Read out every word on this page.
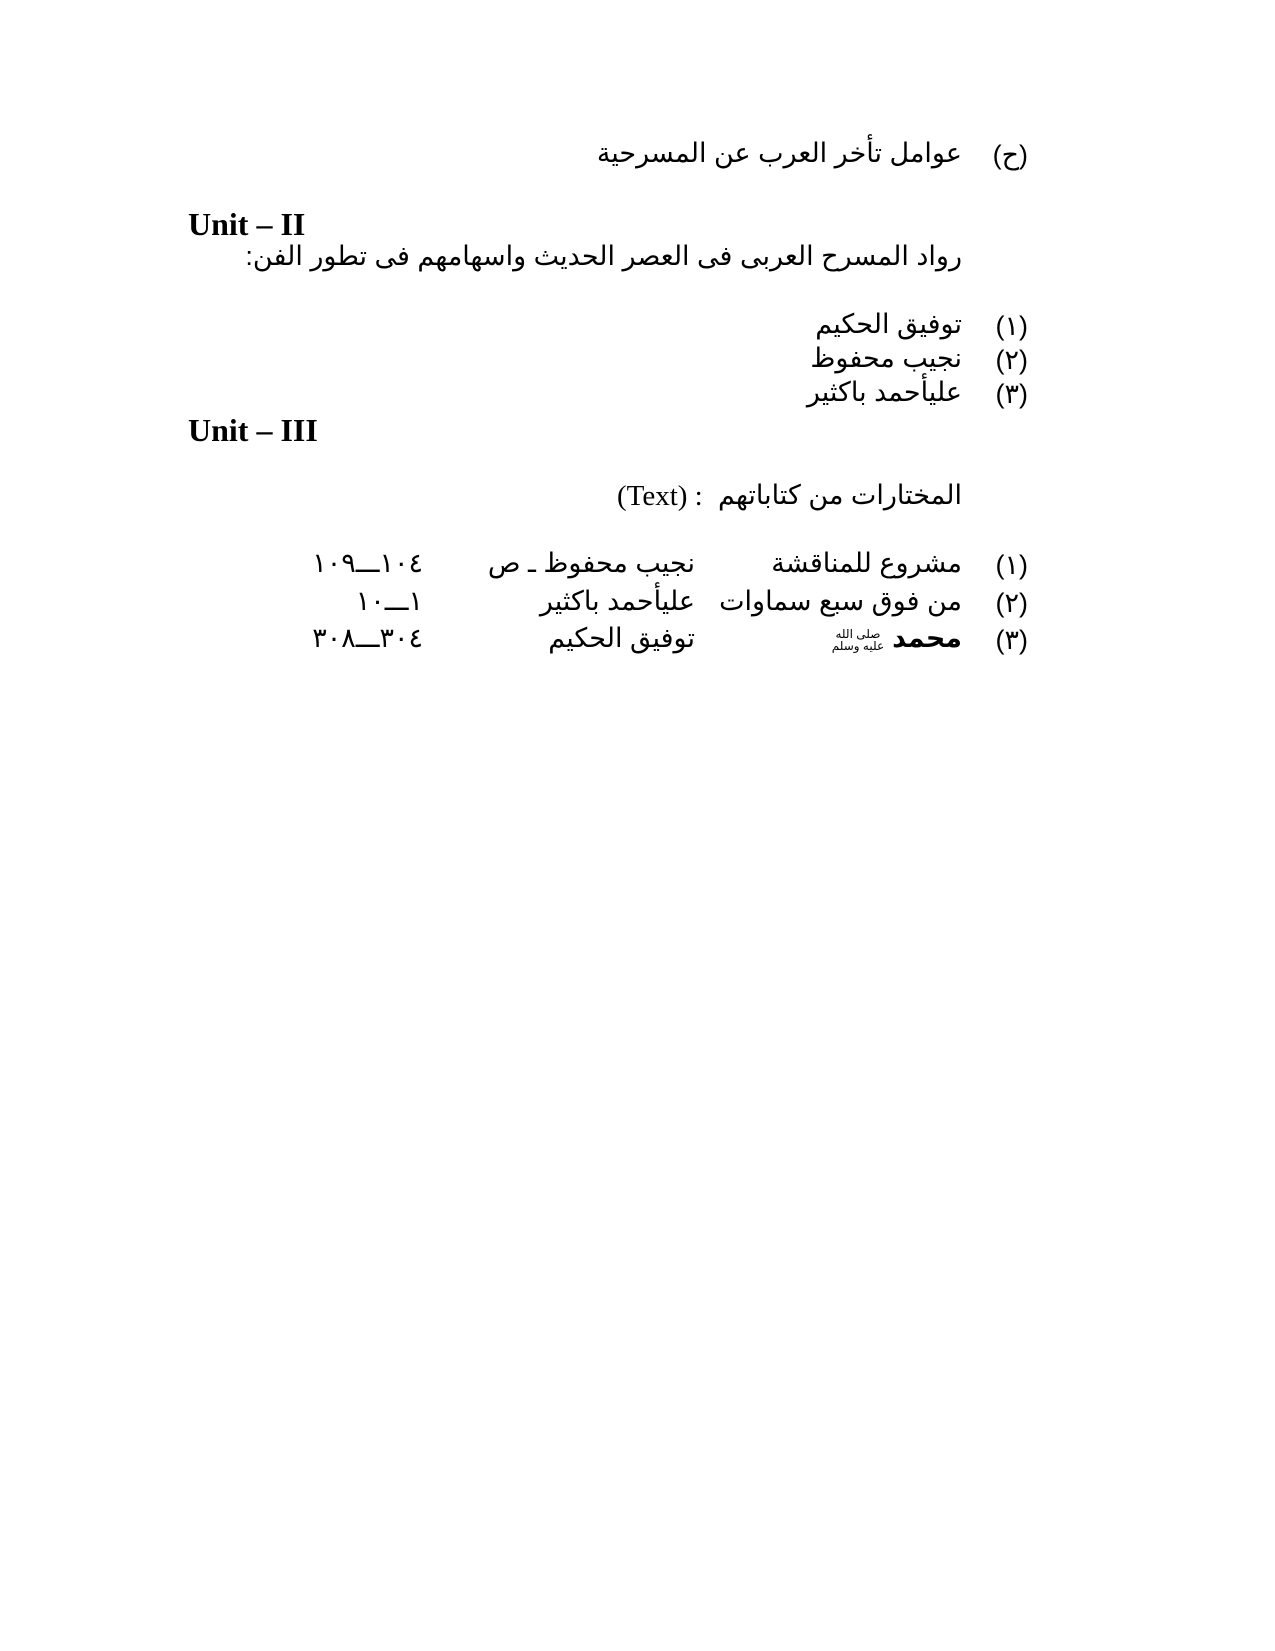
(ح)
عوامل تأخر العرب عن المسرحية
Unit – II
رواد المسرح العربى فى العصر الحديث واسهامهم فى تطور الفن:
(١)
توفيق الحكيم
(٢)
نجيب محفوظ
(٣)
عليأحمد باكثير
Unit – III
المختارات من كتاباتهم
(Text) :
(١)
مشروع للمناقشة
نجيب محفوظ ـ ص
١٠٤ـــ١٠٩
(٢)
من فوق سبع سماوات
عليأحمد باكثير
١ـــ١٠
(٣)
محمد
صلى الله
عليه وسلم
توفيق الحكيم
٣٠٤ـــ٣٠٨
